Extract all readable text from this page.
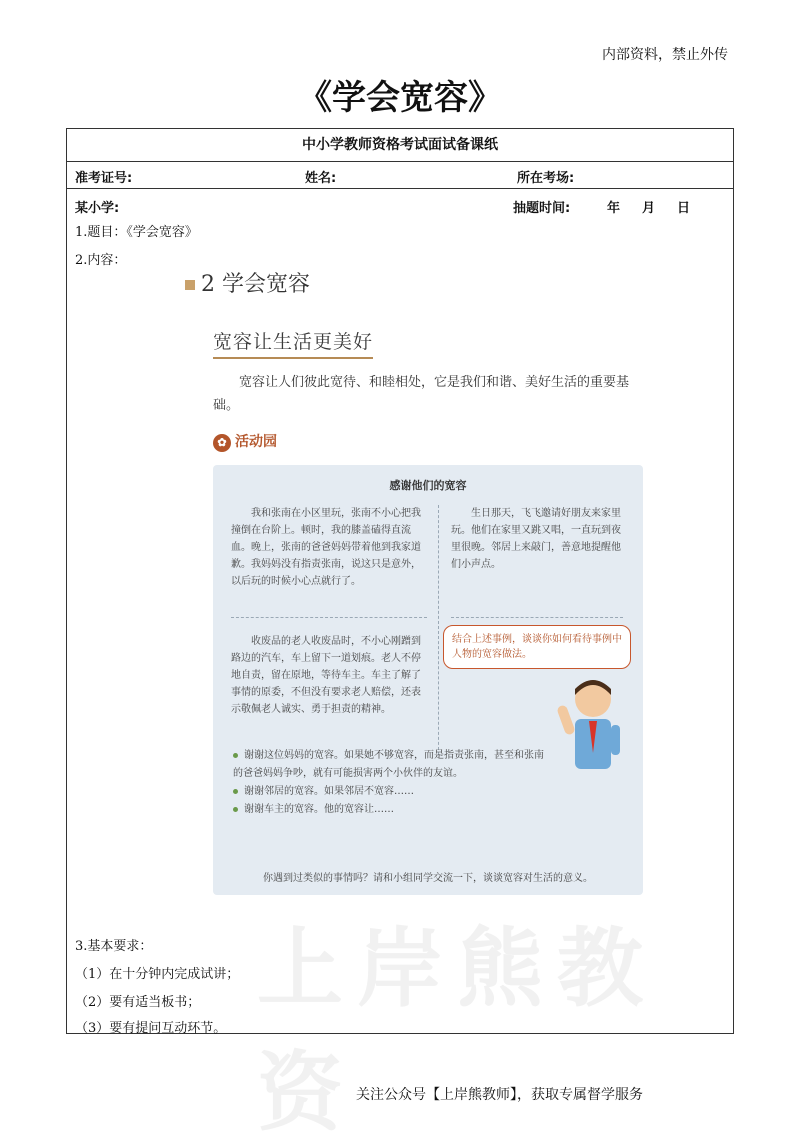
内部资料，禁止外传
《学会宽容》
中小学教师资格考试面试备课纸
准考证号:	姓名:	所在考场:
某小学:	抽题时间:	年 月 日
1.题目：《学会宽容》
2.内容：
上岸熊教资
2 学会宽容
宽容让生活更美好
宽容让人们彼此宽待、和睦相处，它是我们和谐、美好生活的重要基础。
✿ 活动园
感谢他们的宽容
我和张南在小区里玩，张南不小心把我撞倒在台阶上。顿时，我的膝盖磕得直流血。晚上，张南的爸爸妈妈带着他到我家道歉。我妈妈没有指责张南，说这只是意外，以后玩的时候小心点就行了。
生日那天，飞飞邀请好朋友来家里玩。他们在家里又跳又唱，一直玩到夜里很晚。邻居上来敲门，善意地提醒他们小声点。
收废品的老人收废品时，不小心刚蹭到路边的汽车，车上留下一道划痕。老人不停地自责，留在原地，等待车主。车主了解了事情的原委，不但没有要求老人赔偿，还表示敬佩老人诚实、勇于担责的精神。
结合上述事例，谈谈你如何看待事例中人物的宽容做法。
谢谢这位妈妈的宽容。如果她不够宽容，而是指责张南，甚至和张南的爸爸妈妈争吵，就有可能损害两个小伙伴的友谊。
谢谢邻居的宽容。如果邻居不宽容……
谢谢车主的宽容。他的宽容让……
你遇到过类似的事情吗？请和小组同学交流一下，谈谈宽容对生活的意义。
3.基本要求：
（1）在十分钟内完成试讲；
（2）要有适当板书；
（3）要有提问互动环节。
关注公众号【上岸熊教师】，获取专属督学服务
